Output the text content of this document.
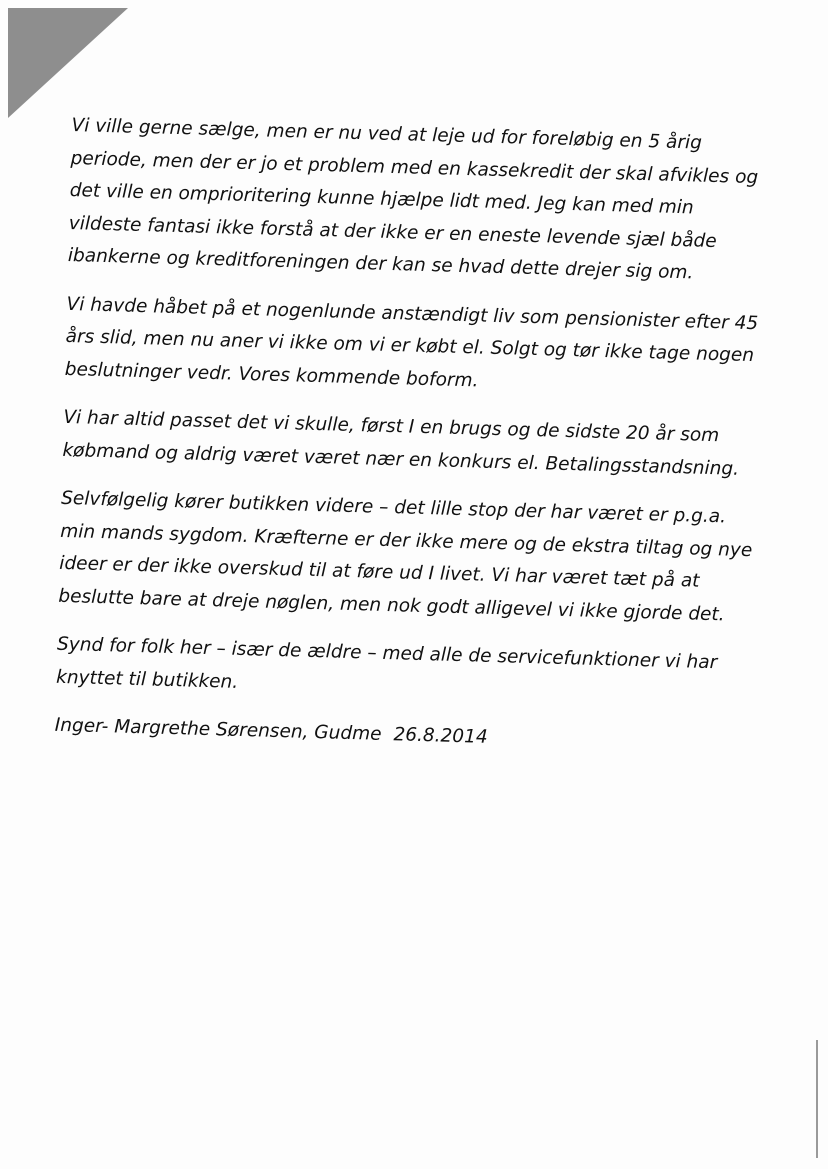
Vi ville gerne sælge, men er nu ved at leje ud for foreløbig en 5 årig
periode, men der er jo et problem med en kassekredit der skal afvikles og
det ville en omprioritering kunne hjælpe lidt med. Jeg kan med min
vildeste fantasi ikke forstå at der ikke er en eneste levende sjæl både
ibankerne og kreditforeningen der kan se hvad dette drejer sig om.

Vi havde håbet på et nogenlunde anstændigt liv som pensionister efter 45
års slid, men nu aner vi ikke om vi er købt el. Solgt og tør ikke tage nogen
beslutninger vedr. Vores kommende boform.

Vi har altid passet det vi skulle, først I en brugs og de sidste 20 år som
købmand og aldrig været været nær en konkurs el. Betalingsstandsning.

Selvfølgelig kører butikken videre – det lille stop der har været er p.g.a.
min mands sygdom. Kræfterne er der ikke mere og de ekstra tiltag og nye
ideer er der ikke overskud til at føre ud I livet. Vi har været tæt på at
beslutte bare at dreje nøglen, men nok godt alligevel vi ikke gjorde det.

Synd for folk her – især de ældre – med alle de servicefunktioner vi har
knyttet til butikken.

Inger- Margrethe Sørensen, Gudme 26.8.2014
